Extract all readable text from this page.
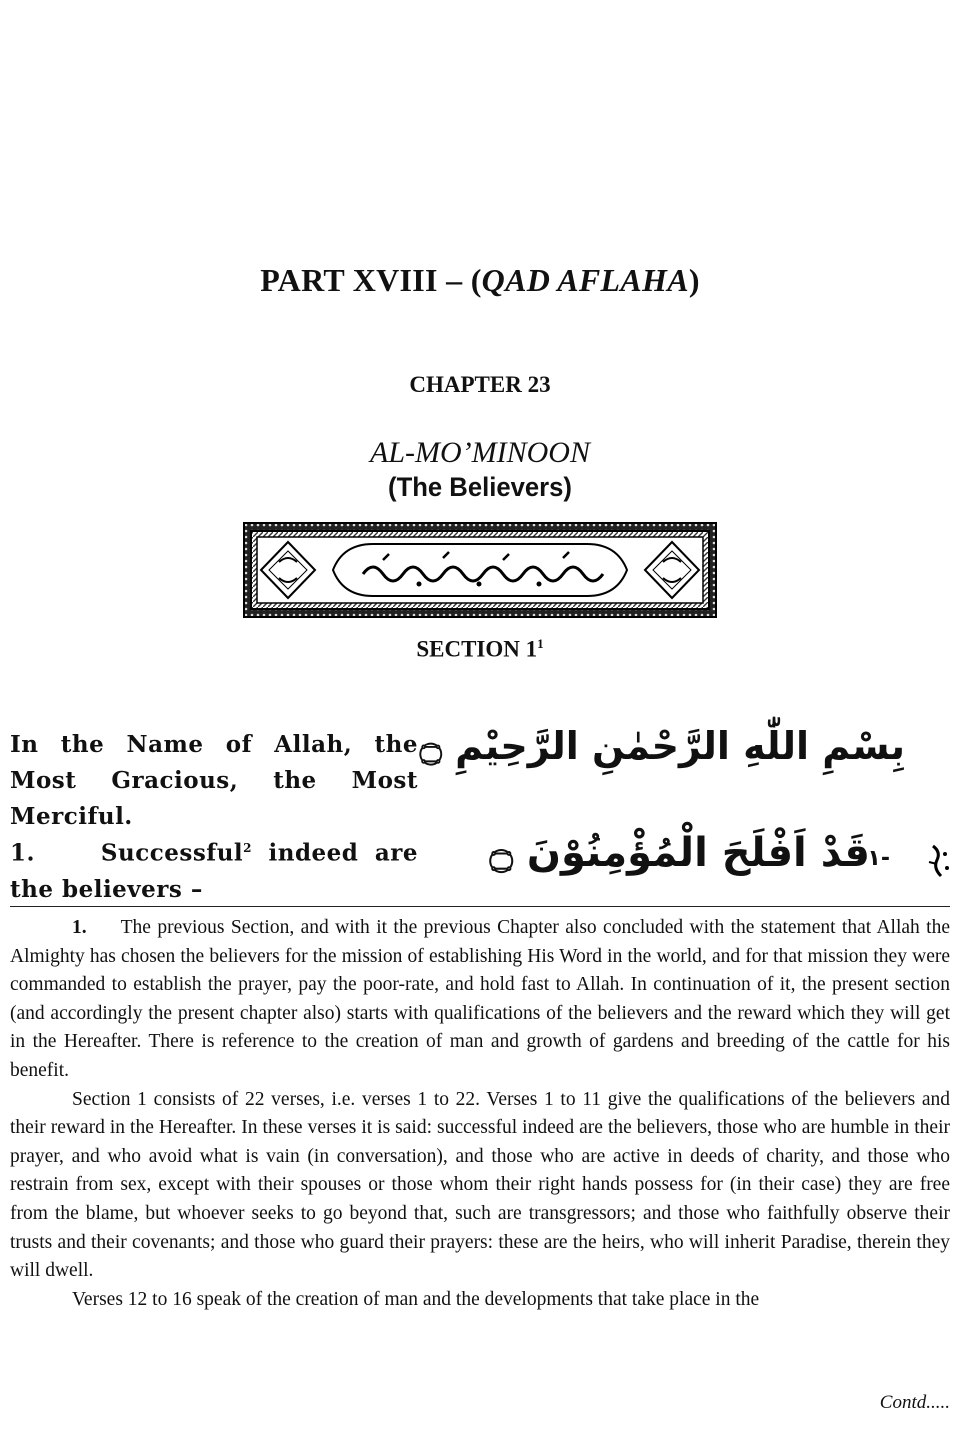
PART XVIII – (QAD AFLAHA)
CHAPTER 23
AL-MO’MINOON
(The Believers)
SECTION $1^1$
In the Name of Allah, the Most Gracious, the Most Merciful.
بِسْمِ اللّٰهِ الرَّحْمٰنِ الرَّحِيْمِ ۝
1.	Successful$^2$ indeed are the believers –
قَدْ اَفْلَحَ الْمُؤْمِنُوْنَ ۝
١-

1. The previous Section, and with it the previous Chapter also concluded with the statement that Allah the Almighty has chosen the believers for the mission of establishing His Word in the world, and for that mission they were commanded to establish the prayer, pay the poor-rate, and hold fast to Allah. In continuation of it, the present section (and accordingly the present chapter also) starts with qualifications of the believers and the reward which they will get in the Hereafter. There is reference to the creation of man and growth of gardens and breeding of the cattle for his benefit.

Section 1 consists of 22 verses, i.e. verses 1 to 22. Verses 1 to 11 give the qualifications of the believers and their reward in the Hereafter. In these verses it is said: successful indeed are the believers, those who are humble in their prayer, and who avoid what is vain (in conversation), and those who are active in deeds of charity, and those who restrain from sex, except with their spouses or those whom their right hands possess for (in their case) they are free from the blame, but whoever seeks to go beyond that, such are transgressors; and those who faithfully observe their trusts and their covenants; and those who guard their prayers: these are the heirs, who will inherit Paradise, therein they will dwell.

Verses 12 to 16 speak of the creation of man and the developments that take place in the

Contd.....
